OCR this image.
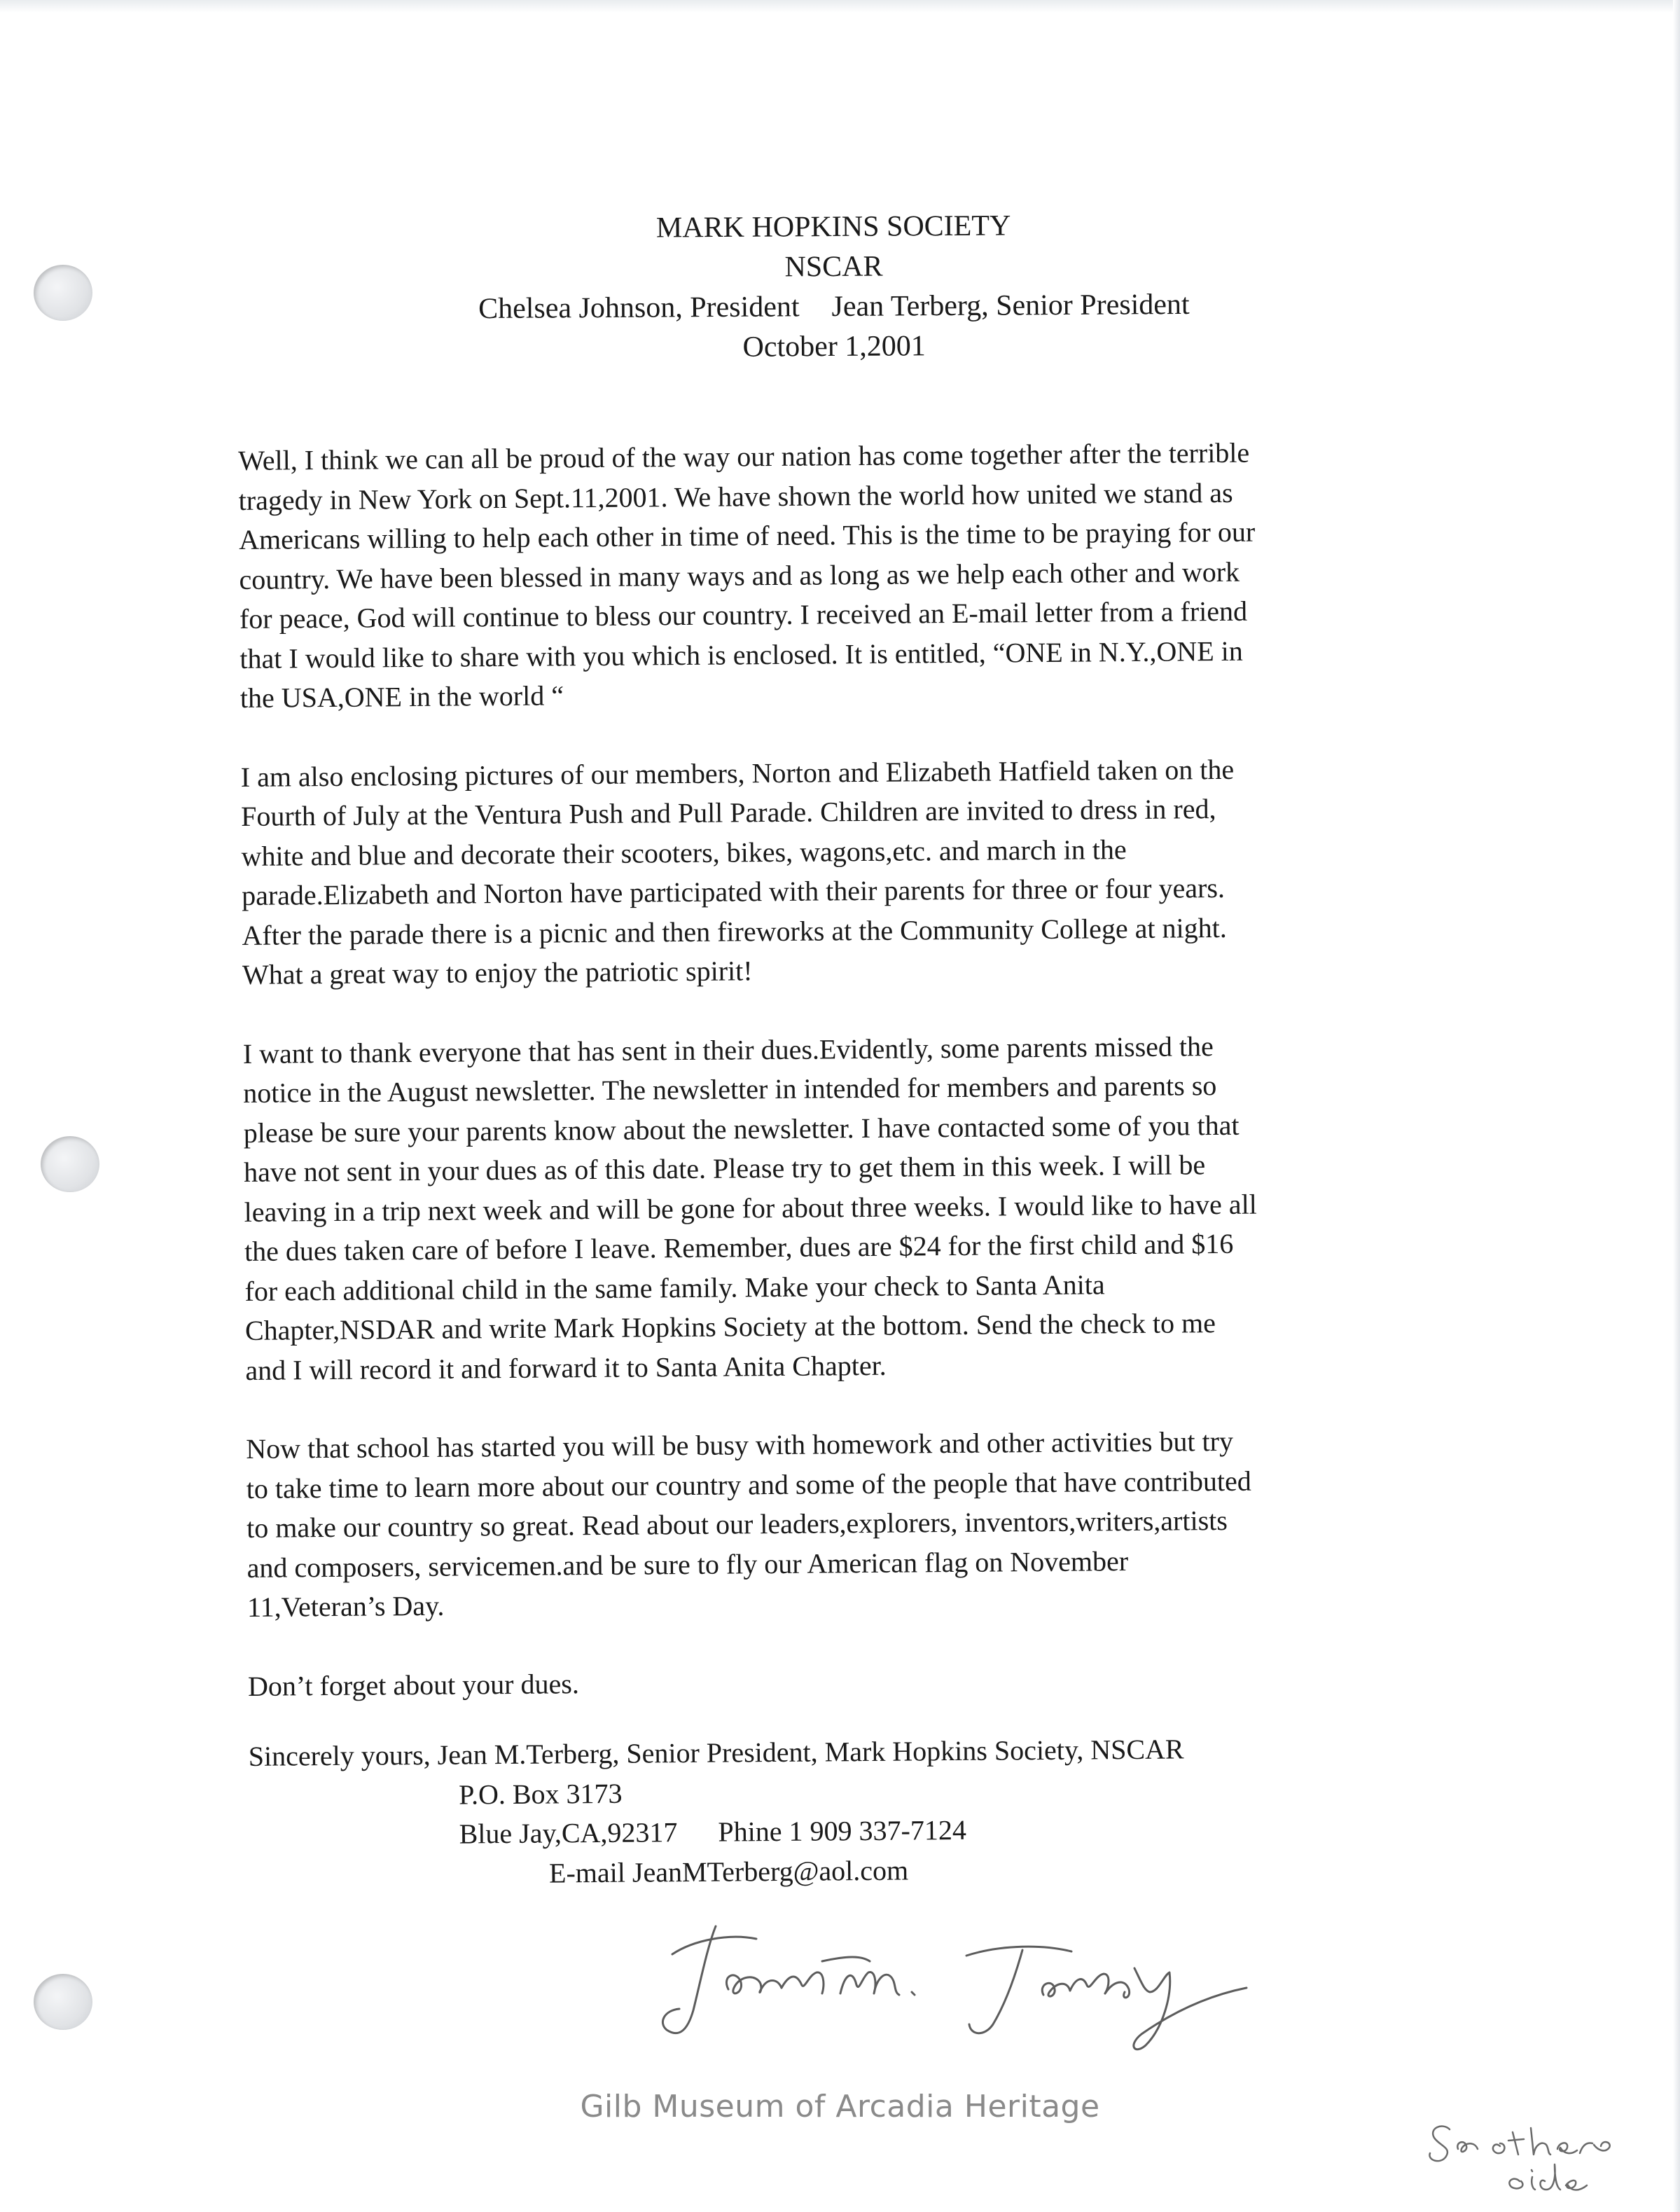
MARK HOPKINS SOCIETY
NSCAR
Chelsea Johnson, President Jean Terberg, Senior President
October 1,2001
Well, I think we can all be proud of the way our nation has come together after the terrible
tragedy in New York on Sept.11,2001. We have shown the world how united we stand as
Americans willing to help each other in time of need. This is the time to be praying for our
country. We have been blessed in many ways and as long as we help each other and work
for peace, God will continue to bless our country. I received an E-mail letter from a friend
that I would like to share with you which is enclosed. It is entitled, “ONE in N.Y.,ONE in
the USA,ONE in the world “
I am also enclosing pictures of our members, Norton and Elizabeth Hatfield taken on the
Fourth of July at the Ventura Push and Pull Parade. Children are invited to dress in red,
white and blue and decorate their scooters, bikes, wagons,etc. and march in the
parade.Elizabeth and Norton have participated with their parents for three or four years.
After the parade there is a picnic and then fireworks at the Community College at night.
What a great way to enjoy the patriotic spirit!
I want to thank everyone that has sent in their dues.Evidently, some parents missed the
notice in the August newsletter. The newsletter in intended for members and parents so
please be sure your parents know about the newsletter. I have contacted some of you that
have not sent in your dues as of this date. Please try to get them in this week. I will be
leaving in a trip next week and will be gone for about three weeks. I would like to have all
the dues taken care of before I leave. Remember, dues are $24 for the first child and $16
for each additional child in the same family. Make your check to Santa Anita
Chapter,NSDAR and write Mark Hopkins Society at the bottom. Send the check to me
and I will record it and forward it to Santa Anita Chapter.
Now that school has started you will be busy with homework and other activities but try
to take time to learn more about our country and some of the people that have contributed
to make our country so great. Read about our leaders,explorers, inventors,writers,artists
and composers, servicemen.and be sure to fly our American flag on November
11,Veteran’s Day.
Don’t forget about your dues.
Sincerely yours, Jean M.Terberg, Senior President, Mark Hopkins Society, NSCAR
P.O. Box 3173
Blue Jay,CA,92317 Phine 1 909 337-7124
E-mail JeanMTerberg@aol.com
Gilb Museum of Arcadia Heritage
